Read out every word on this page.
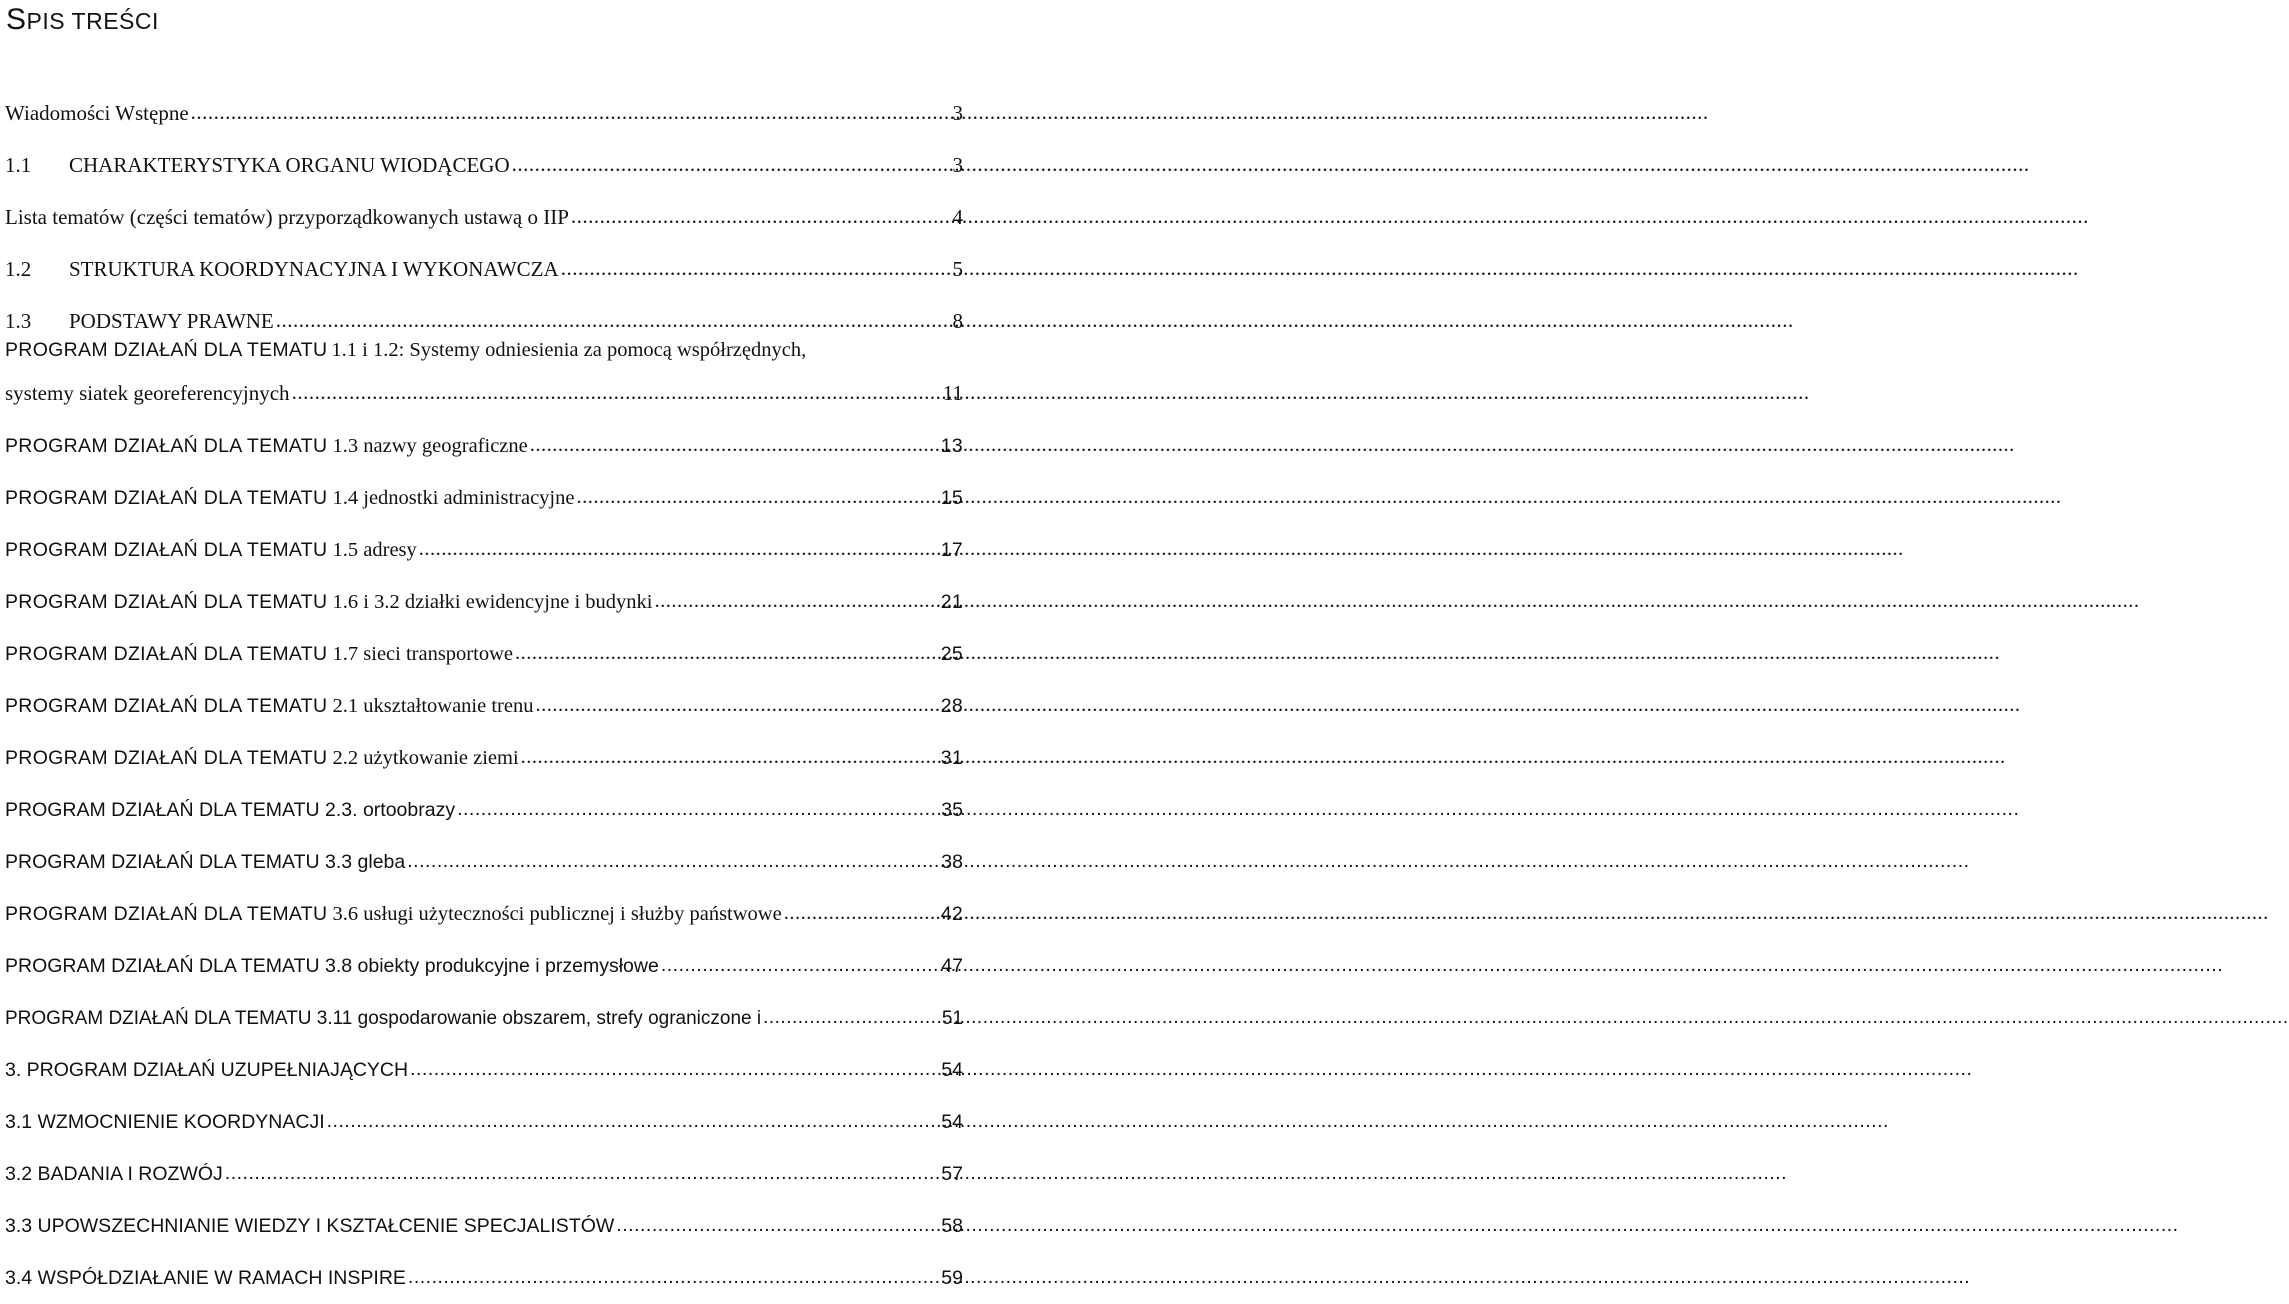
SPIS TREŚCI
Wiadomości Wstępne .....	3
1.1	CHARAKTERYSTYKA ORGANU WIODĄCEGO .....	3
Lista tematów (części tematów) przyporządkowanych ustawą o IIP .....	4
1.2	STRUKTURA KOORDYNACYJNA I WYKONAWCZA .....	5
1.3	PODSTAWY PRAWNE .....	8
PROGRAM DZIAŁAŃ DLA TEMATU
1.1 i 1.2: Systemy odniesienia za pomocą współrzędnych,
systemy siatek georeferencyjnych .....	11
PROGRAM DZIAŁAŃ DLA TEMATU
1.3 nazwy geograficzne .....	13
PROGRAM DZIAŁAŃ DLA TEMATU
1.4 jednostki administracyjne .....	15
PROGRAM DZIAŁAŃ DLA TEMATU
1.5 adresy .....	17
PROGRAM DZIAŁAŃ DLA TEMATU
1.6 i 3.2 działki ewidencyjne i budynki .....	21
PROGRAM DZIAŁAŃ DLA TEMATU
1.7 sieci transportowe .....	25
PROGRAM DZIAŁAŃ DLA TEMATU
2.1 ukształtowanie trenu .....	28
PROGRAM DZIAŁAŃ DLA TEMATU
2.2 użytkowanie ziemi .....	31
PROGRAM DZIAŁAŃ DLA TEMATU 2.3. ortoobrazy .....	35
PROGRAM DZIAŁAŃ DLA TEMATU 3.3 gleba .....	38
PROGRAM DZIAŁAŃ DLA TEMATU
3.6 usługi użyteczności publicznej i służby państwowe .....	42
PROGRAM DZIAŁAŃ DLA TEMATU 3.8 obiekty produkcyjne i przemysłowe .....	47
PROGRAM DZIAŁAŃ DLA TEMATU 3.11 gospodarowanie obszarem, strefy ograniczone i .....	51
3. PROGRAM DZIAŁAŃ UZUPEŁNIAJĄCYCH .....	54
3.1 WZMOCNIENIE KOORDYNACJI .....	54
3.2 BADANIA I ROZWÓJ .....	57
3.3 UPOWSZECHNIANIE WIEDZY I KSZTAŁCENIE SPECJALISTÓW .....	58
3.4 WSPÓŁDZIAŁANIE W RAMACH INSPIRE .....	59
